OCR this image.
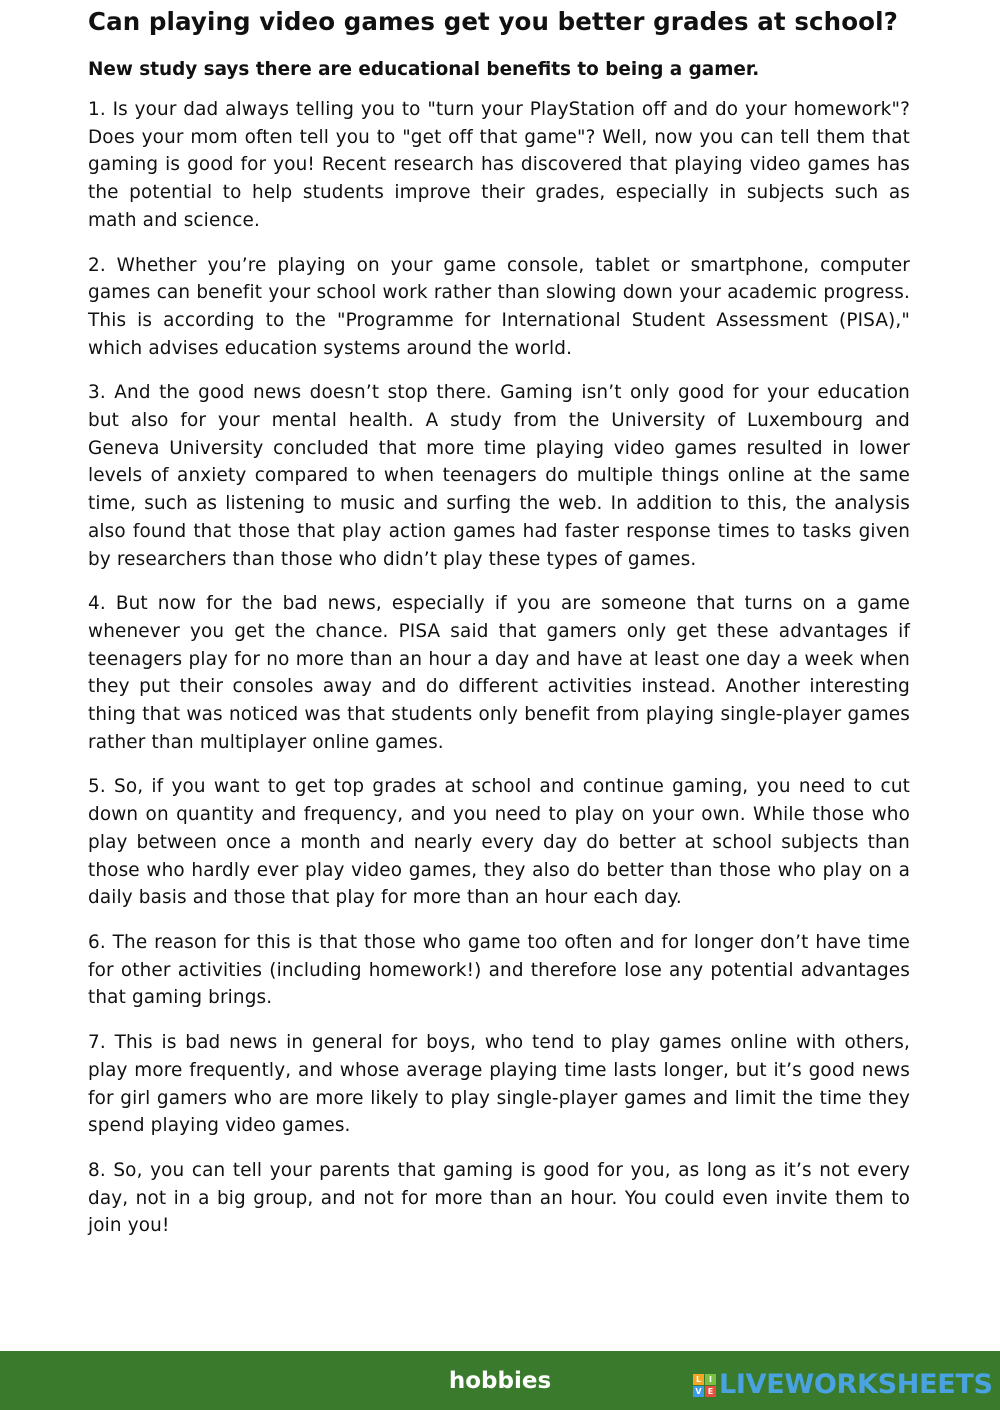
Can playing video games get you better grades at school?
New study says there are educational benefits to being a gamer.

1. Is your dad always telling you to "turn your PlayStation off and do your homework"? Does your mom often tell you to "get off that game"? Well, now you can tell them that gaming is good for you! Recent research has discovered that playing video games has the potential to help students improve their grades, especially in subjects such as math and science.

2. Whether you’re playing on your game console, tablet or smartphone, computer games can benefit your school work rather than slowing down your academic progress. This is according to the "Programme for International Student Assessment (PISA)," which advises education systems around the world.

3. And the good news doesn’t stop there. Gaming isn’t only good for your education but also for your mental health. A study from the University of Luxembourg and Geneva University concluded that more time playing video games resulted in lower levels of anxiety compared to when teenagers do multiple things online at the same time, such as listening to music and surfing the web. In addition to this, the analysis also found that those that play action games had faster response times to tasks given by researchers than those who didn’t play these types of games.

4. But now for the bad news, especially if you are someone that turns on a game whenever you get the chance. PISA said that gamers only get these advantages if teenagers play for no more than an hour a day and have at least one day a week when they put their consoles away and do different activities instead. Another interesting thing that was noticed was that students only benefit from playing single-player games rather than multiplayer online games.

5. So, if you want to get top grades at school and continue gaming, you need to cut down on quantity and frequency, and you need to play on your own. While those who play between once a month and nearly every day do better at school subjects than those who hardly ever play video games, they also do better than those who play on a daily basis and those that play for more than an hour each day.

6. The reason for this is that those who game too often and for longer don’t have time for other activities (including homework!) and therefore lose any potential advantages that gaming brings.

7. This is bad news in general for boys, who tend to play games online with others, play more frequently, and whose average playing time lasts longer, but it’s good news for girl gamers who are more likely to play single-player games and limit the time they spend playing video games.

8. So, you can tell your parents that gaming is good for you, as long as it’s not every day, not in a big group, and not for more than an hour. You could even invite them to join you!

hobbies	L I
V E LIVEWORKSHEETS
